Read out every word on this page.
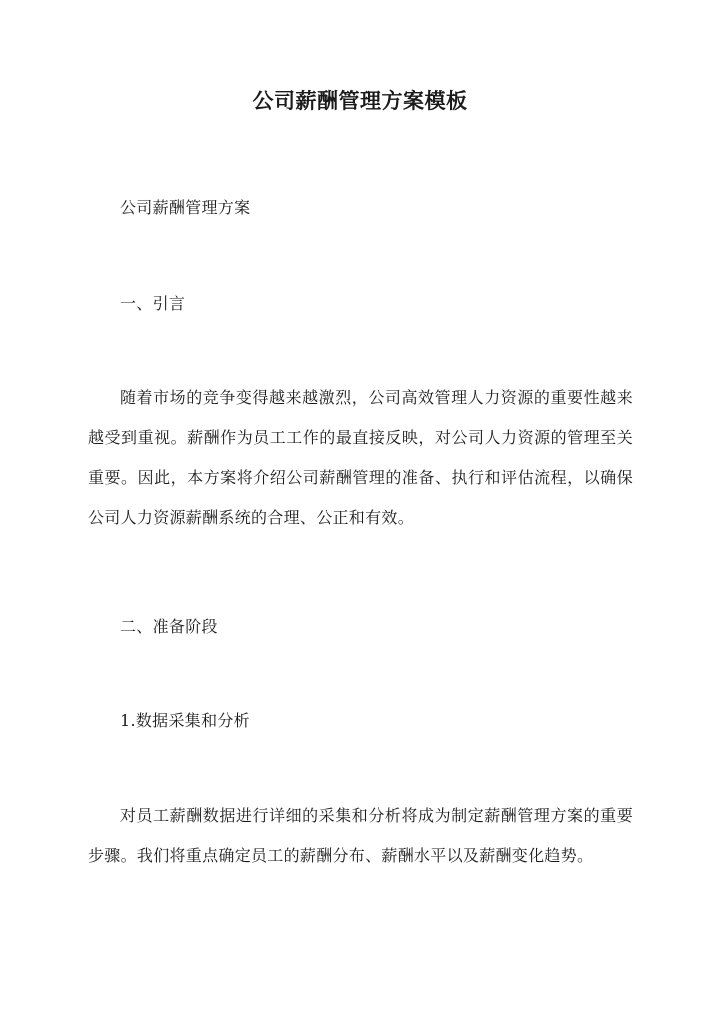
公司薪酬管理方案模板
公司薪酬管理方案
一、引言
随着市场的竞争变得越来越激烈，公司高效管理人力资源的重要性越来越受到重视。薪酬作为员工工作的最直接反映，对公司人力资源的管理至关重要。因此，本方案将介绍公司薪酬管理的准备、执行和评估流程，以确保公司人力资源薪酬系统的合理、公正和有效。
二、准备阶段
1.数据采集和分析
对员工薪酬数据进行详细的采集和分析将成为制定薪酬管理方案的重要步骤。我们将重点确定员工的薪酬分布、薪酬水平以及薪酬变化趋势。
